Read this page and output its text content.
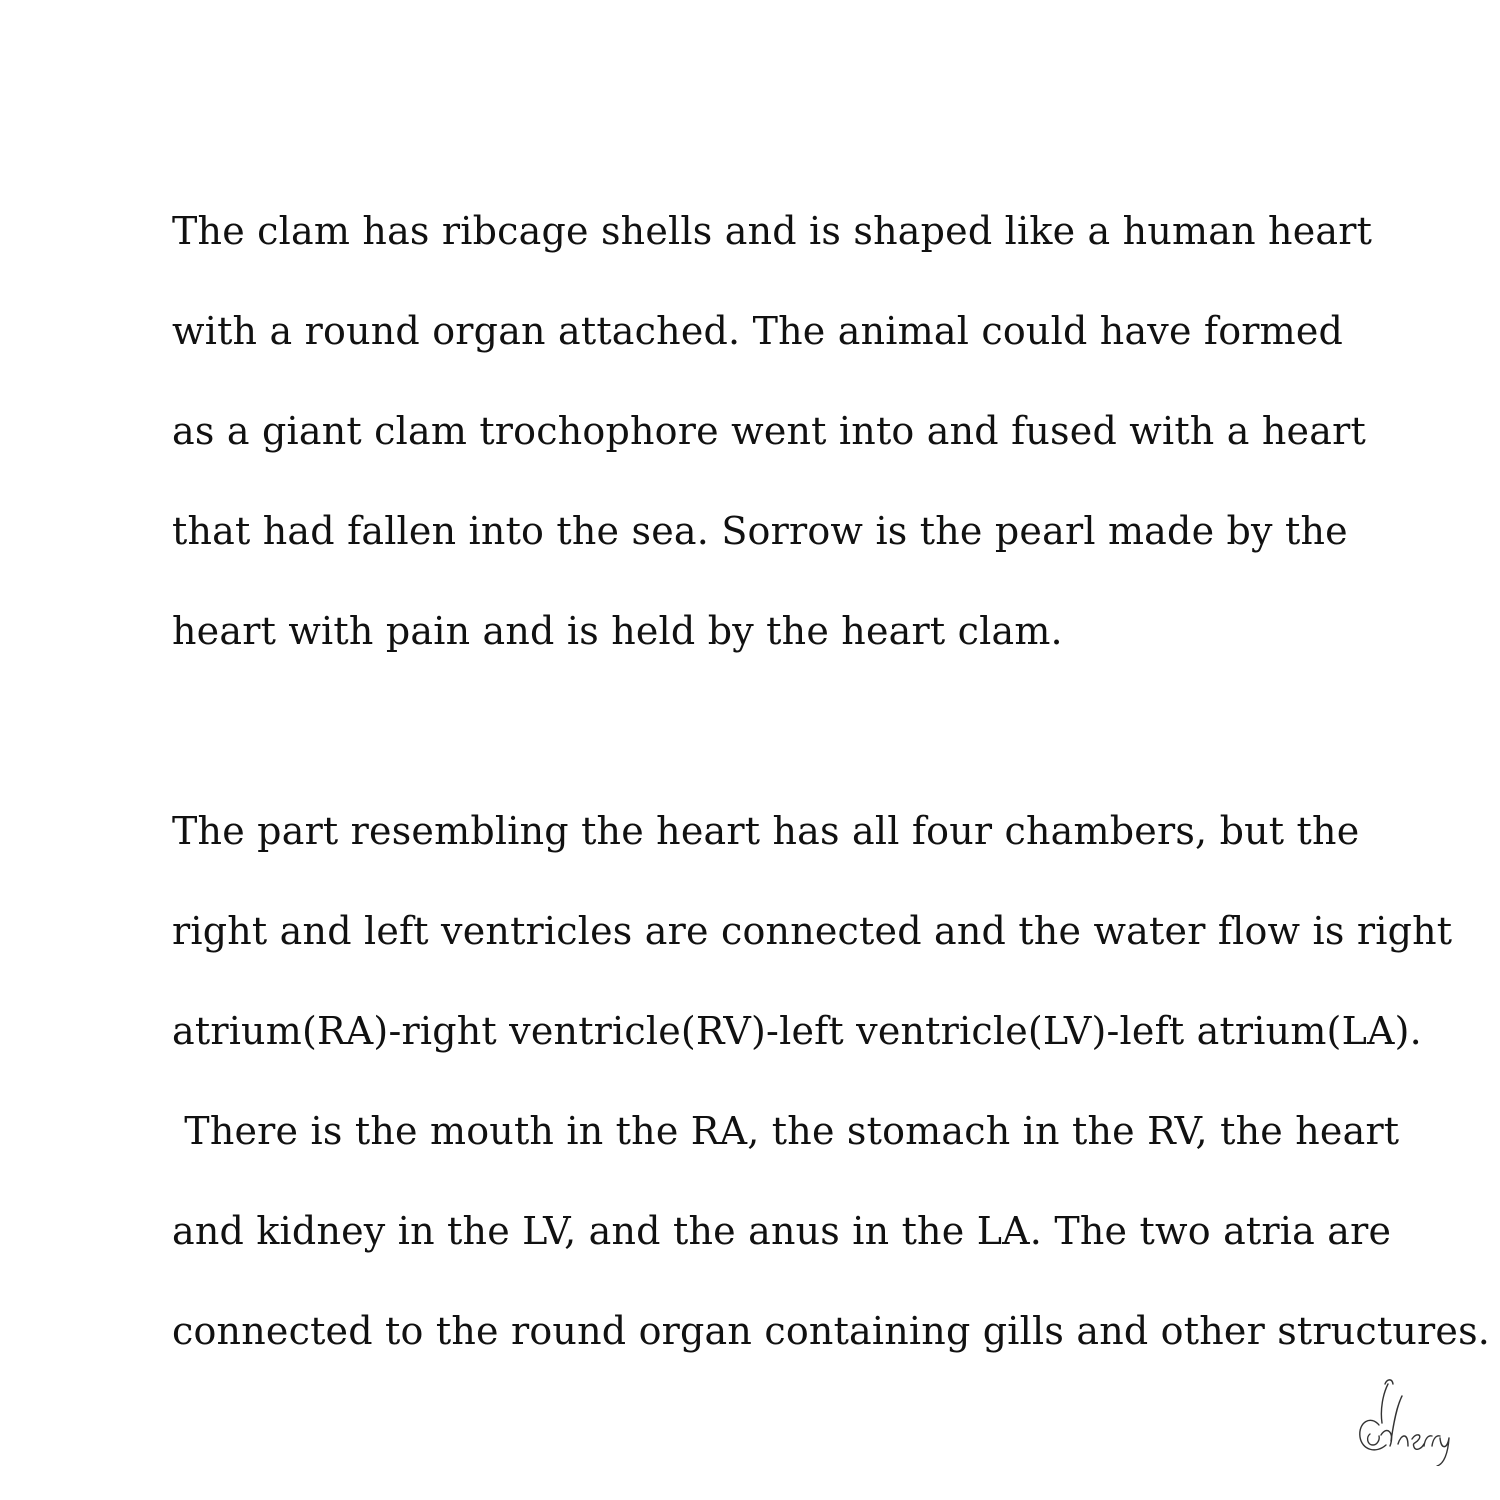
The clam has ribcage shells and is shaped like a human heart

with a round organ attached. The animal could have formed

as a giant clam trochophore went into and fused with a heart

that had fallen into the sea. Sorrow is the pearl made by the

heart with pain and is held by the heart clam.

The part resembling the heart has all four chambers, but the

right and left ventricles are connected and the water flow is right

atrium(RA)-right ventricle(RV)-left ventricle(LV)-left atrium(LA).

There is the mouth in the RA, the stomach in the RV, the heart

and kidney in the LV, and the anus in the LA. The two atria are

connected to the round organ containing gills and other structures.
